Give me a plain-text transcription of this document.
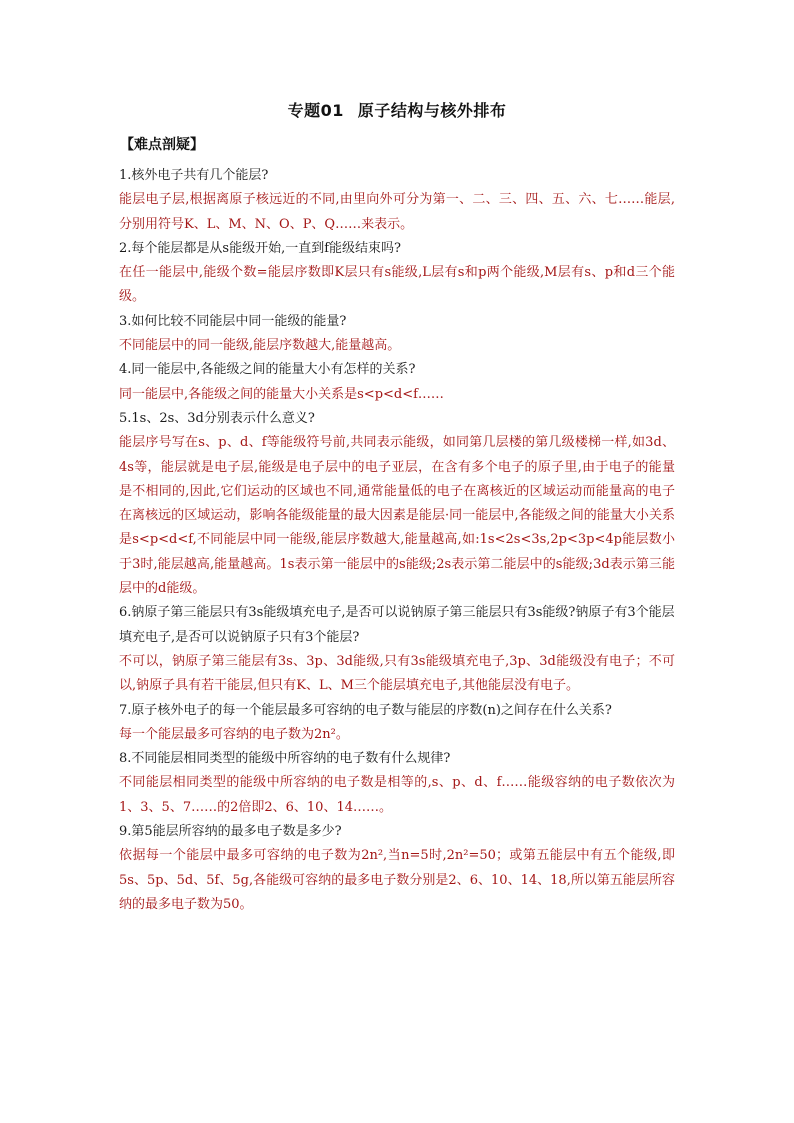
专题01 原子结构与核外排布
【难点剖疑】

1.核外电子共有几个能层?

能层电子层,根据离原子核远近的不同,由里向外可分为第一、二、三、四、五、六、七……能层,分别用符号K、L、M、N、O、P、Q……来表示。

2.每个能层都是从s能级开始,一直到f能级结束吗?

在任一能层中,能级个数=能层序数即K层只有s能级,L层有s和p两个能级,M层有s、p和d三个能级。

3.如何比较不同能层中同一能级的能量?

不同能层中的同一能级,能层序数越大,能量越高。

4.同一能层中,各能级之间的能量大小有怎样的关系?

同一能层中,各能级之间的能量大小关系是s<p<d<f……

5.1s、2s、3d分别表示什么意义?

能层序号写在s、p、d、f等能级符号前,共同表示能级，如同第几层楼的第几级楼梯一样,如3d、4s等，能层就是电子层,能级是电子层中的电子亚层，在含有多个电子的原子里,由于电子的能量是不相同的,因此,它们运动的区域也不同,通常能量低的电子在离核近的区域运动而能量高的电子在离核远的区域运动，影响各能级能量的最大因素是能层·同一能层中,各能级之间的能量大小关系是s<p<d<f,不同能层中同一能级,能层序数越大,能量越高,如:1s<2s<3s,2p<3p<4p能层数小于3时,能层越高,能量越高。1s表示第一能层中的s能级;2s表示第二能层中的s能级;3d表示第三能层中的d能级。

6.钠原子第三能层只有3s能级填充电子,是否可以说钠原子第三能层只有3s能级?钠原子有3个能层填充电子,是否可以说钠原子只有3个能层?

不可以，钠原子第三能层有3s、3p、3d能级,只有3s能级填充电子,3p、3d能级没有电子；不可以,钠原子具有若干能层,但只有K、L、M三个能层填充电子,其他能层没有电子。

7.原子核外电子的每一个能层最多可容纳的电子数与能层的序数(n)之间存在什么关系?

每一个能层最多可容纳的电子数为2n²。

8.不同能层相同类型的能级中所容纳的电子数有什么规律?

不同能层相同类型的能级中所容纳的电子数是相等的,s、p、d、f……能级容纳的电子数依次为1、3、5、7……的2倍即2、6、10、14……。

9.第5能层所容纳的最多电子数是多少?

依据每一个能层中最多可容纳的电子数为2n²,当n=5时,2n²=50；或第五能层中有五个能级,即5s、5p、5d、5f、5g,各能级可容纳的最多电子数分别是2、6、10、14、18,所以第五能层所容纳的最多电子数为50。
